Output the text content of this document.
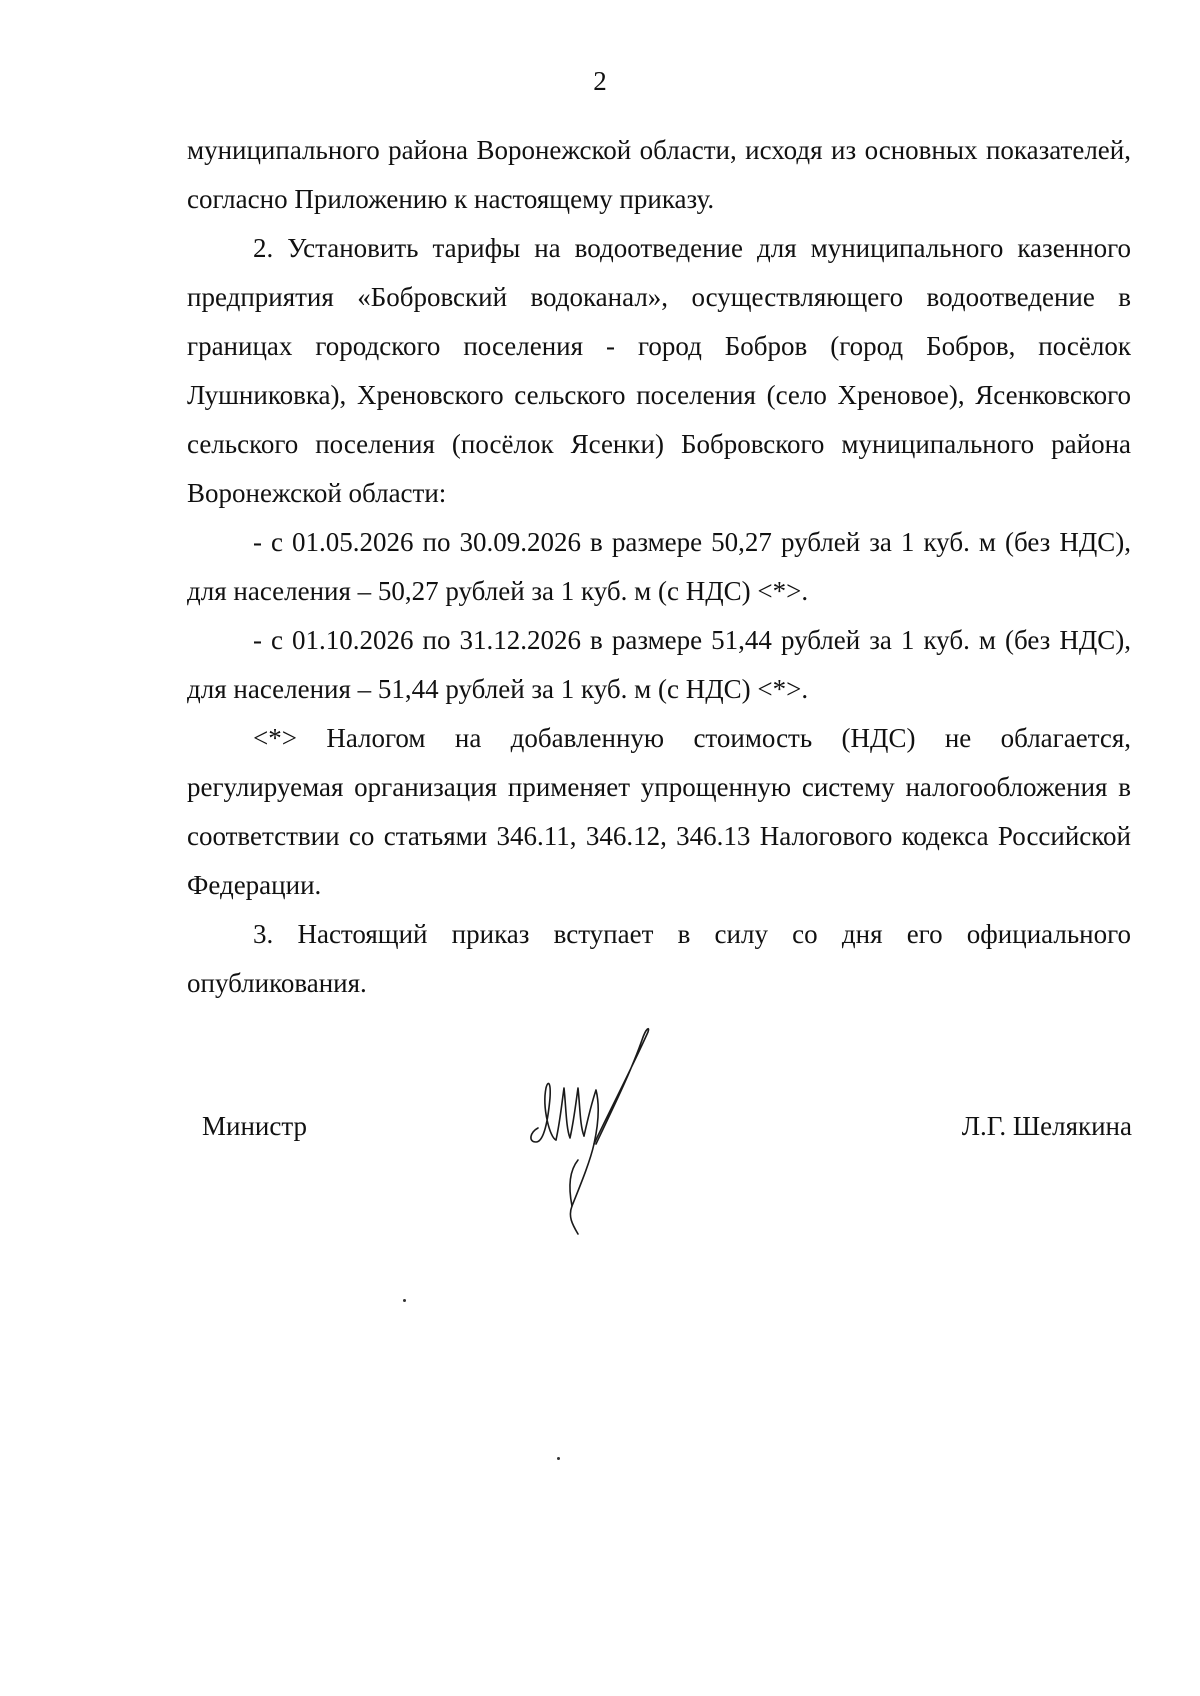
2

муниципального района Воронежской области, исходя из основных показателей, согласно Приложению к настоящему приказу.

2. Установить тарифы на водоотведение для муниципального казенного предприятия «Бобровский водоканал», осуществляющего водоотведение в границах городского поселения - город Бобров (город Бобров, посёлок Лушниковка), Хреновского сельского поселения (село Хреновое), Ясенковского сельского поселения (посёлок Ясенки) Бобровского муниципального района Воронежской области:

- с 01.05.2026 по 30.09.2026 в размере 50,27 рублей за 1 куб. м (без НДС), для населения – 50,27 рублей за 1 куб. м (с НДС) <*>.

- с 01.10.2026 по 31.12.2026 в размере 51,44 рублей за 1 куб. м (без НДС), для населения – 51,44 рублей за 1 куб. м (с НДС) <*>.

<*> Налогом на добавленную стоимость (НДС) не облагается, регулируемая организация применяет упрощенную систему налогообложения в соответствии со статьями 346.11, 346.12, 346.13 Налогового кодекса Российской Федерации.

3. Настоящий приказ вступает в силу со дня его официального опубликования.

Министр	Л.Г. Шелякина
